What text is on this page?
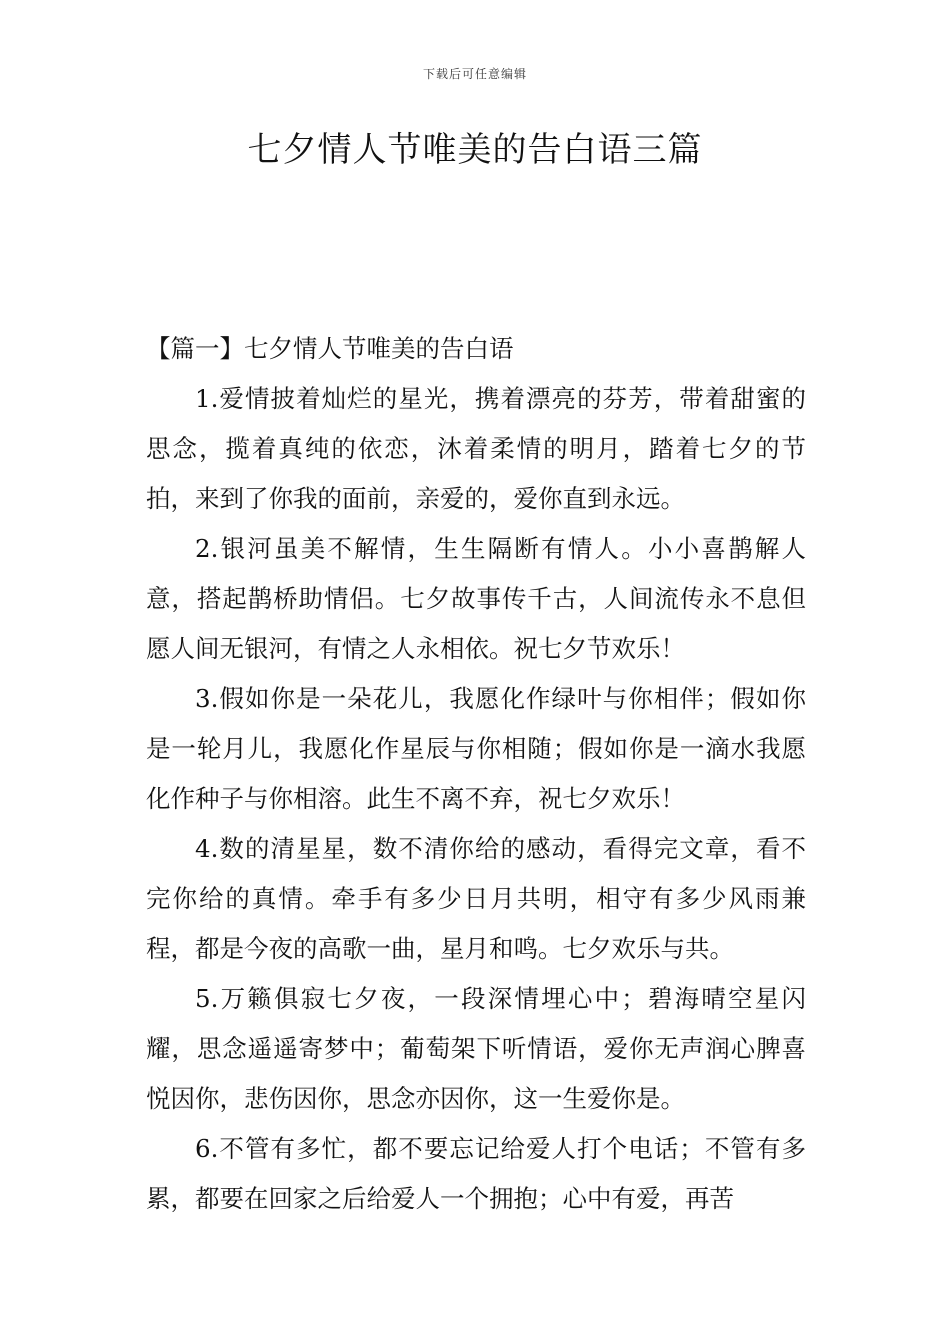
下载后可任意编辑
七夕情人节唯美的告白语三篇
【篇一】七夕情人节唯美的告白语

1.爱情披着灿烂的星光，携着漂亮的芬芳，带着甜蜜的思念，揽着真纯的依恋，沐着柔情的明月，踏着七夕的节拍，来到了你我的面前，亲爱的，爱你直到永远。

2.银河虽美不解情，生生隔断有情人。小小喜鹊解人意，搭起鹊桥助情侣。七夕故事传千古，人间流传永不息但愿人间无银河，有情之人永相依。祝七夕节欢乐！

3.假如你是一朵花儿，我愿化作绿叶与你相伴；假如你是一轮月儿，我愿化作星辰与你相随；假如你是一滴水我愿化作种子与你相溶。此生不离不弃，祝七夕欢乐！

4.数的清星星，数不清你给的感动，看得完文章，看不完你给的真情。牵手有多少日月共明，相守有多少风雨兼程，都是今夜的高歌一曲，星月和鸣。七夕欢乐与共。

5.万籁俱寂七夕夜，一段深情埋心中；碧海晴空星闪耀，思念遥遥寄梦中；葡萄架下听情语，爱你无声润心脾喜悦因你，悲伤因你，思念亦因你，这一生爱你是。

6.不管有多忙，都不要忘记给爱人打个电话；不管有多累，都要在回家之后给爱人一个拥抱；心中有爱，再苦
